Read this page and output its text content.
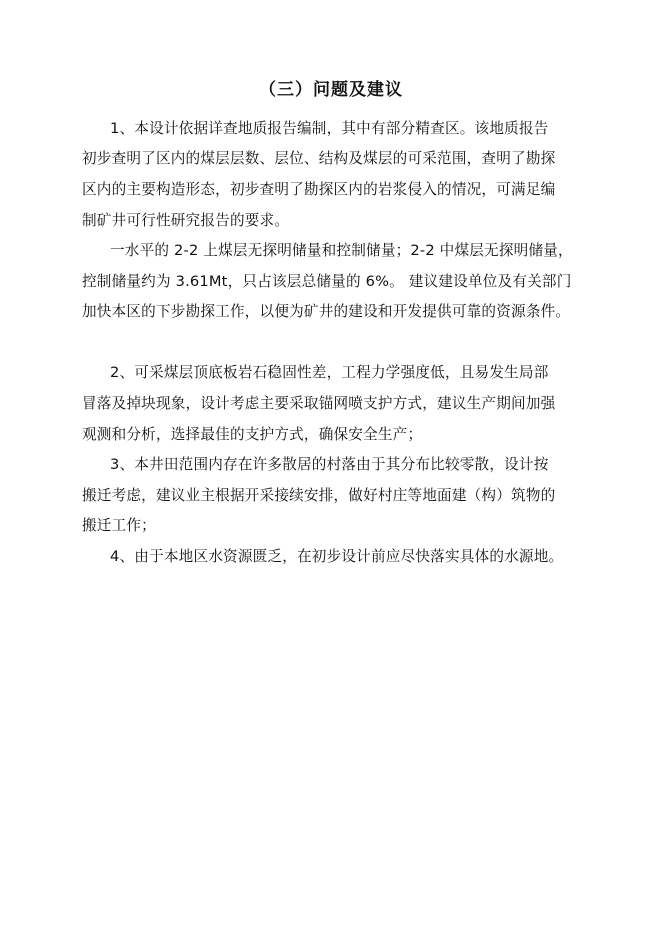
（三）问题及建议
1、本设计依据详查地质报告编制，其中有部分精查区。该地质报告
初步查明了区内的煤层层数、层位、结构及煤层的可采范围，查明了勘探
区内的主要构造形态，初步查明了勘探区内的岩浆侵入的情况，可满足编
制矿井可行性研究报告的要求。
一水平的 2-2 上煤层无探明储量和控制储量；2-2 中煤层无探明储量，
控制储量约为 3.61Mt，只占该层总储量的 6%。 建议建设单位及有关部门
加快本区的下步勘探工作，以便为矿井的建设和开发提供可靠的资源条件。
2、可采煤层顶底板岩石稳固性差，工程力学强度低，且易发生局部
冒落及掉块现象，设计考虑主要采取锚网喷支护方式，建议生产期间加强
观测和分析，选择最佳的支护方式，确保安全生产；
3、本井田范围内存在许多散居的村落由于其分布比较零散，设计按
搬迁考虑，建议业主根据开采接续安排，做好村庄等地面建（构）筑物的
搬迁工作；
4、由于本地区水资源匮乏，在初步设计前应尽快落实具体的水源地。
